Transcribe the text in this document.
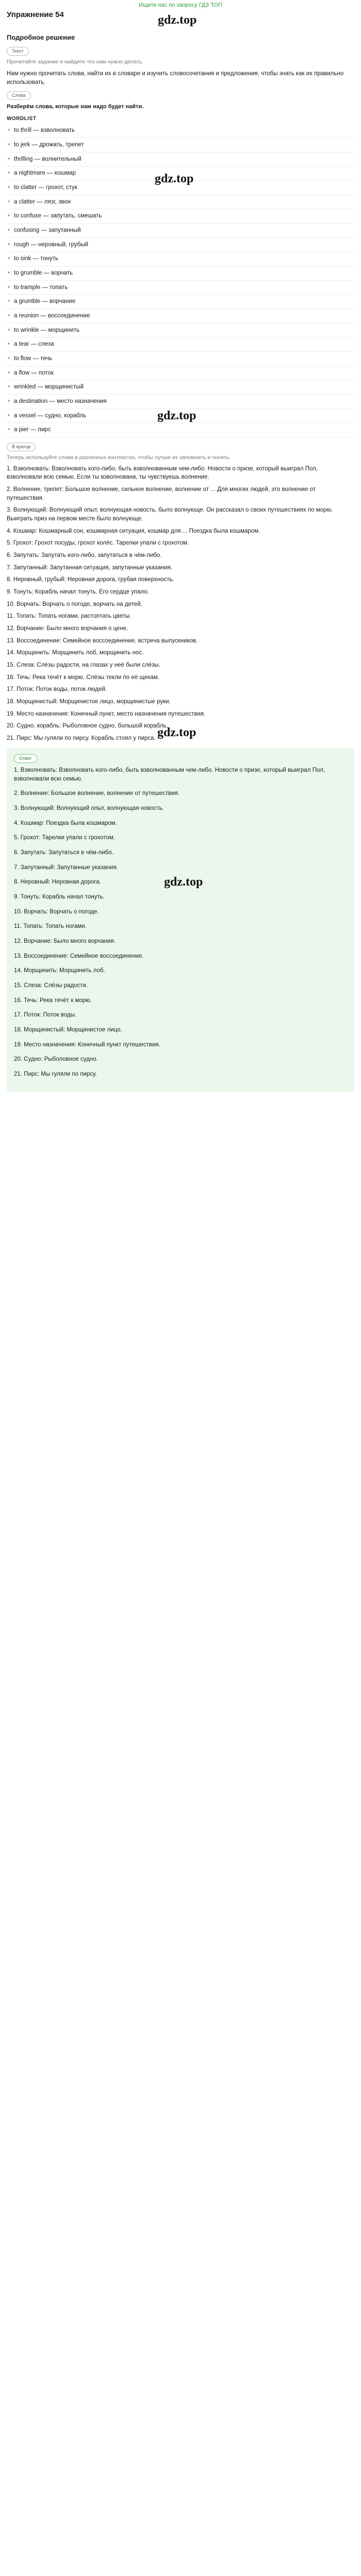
Ищите нас по запросу ГДЗ ТОП
Упражнение 54
Подробное решение
Текст
Прочитайте задание и найдите что нам нужно делать.
Нам нужно прочитать слова, найти их в словаре и изучить словосочетания и предложения, чтобы знать как их правильно использовать.
Слова
Разберём слова, которые нам надо будет найти.
WORDLIST
• to thrill — взволновать
• to jerk — дрожать, трепет
• thrilling — волнительный
• a nightmare — кошмар
• to clatter — грохот, стук
• a clatter — лязг, звон
• to confuse — запутать, смешать
• confusing — запутанный
• rough — неровный, грубый
• to sink — тонуть
• to grumble — ворчать
• to trample — топать
• a grumble — ворчание
• a reunion — воссоединение
• to wrinkle — морщинить
• a tear — слеза
• to flow — течь
• a flow — поток
• wrinkled — морщинистый
• a destination — место назначения
• a vessel — судно, корабль
• a pier — пирс
В кратце
Теперь используйте слова в различных контекстах, чтобы лучше их запомнить и понять.

1. Взволновать: Взволновать кого-либо, быть взволнованным чем-либо. Новости о призе, который выиграл Пол, взволновали всю семью. Если ты взволнована, ты чувствуешь волнение.

2. Волнение, трепет: Большое волнение, сильное волнение, волнение от ... Для многих людей, это волнение от путешествия.

3. Волнующий: Волнующий опыт, волнующая новость, было волнующе. Он рассказал о своих путешествиях по морю. Выиграть приз на первом месте было волнующе.

4. Кошмар: Кошмарный сон, кошмарная ситуация, кошмар для ... Поездка была кошмаром.

5. Грохот: Грохот посуды, грохот колёс. Тарелки упали с грохотом.

6. Запутать: Запутать кого-либо, запутаться в чём-либо.

7. Запутанный: Запутанная ситуация, запутанные указания.

8. Неровный, грубый: Неровная дорога, грубая поверхность.

9. Тонуть: Корабль начал тонуть. Его сердце упало.

10. Ворчать: Ворчать о погоде, ворчать на детей.

11. Топать: Топать ногами, растоптать цветы.

12. Ворчание: Было много ворчания о цене.

13. Воссоединение: Семейное воссоединение, встреча выпускников.

14. Морщинить: Морщинить лоб, морщинить нос.

15. Слеза: Слёзы радости, на глазах у неё были слёзы.

16. Течь: Река течёт к морю. Слёзы текли по её щекам.

17. Поток: Поток воды, поток людей.

18. Морщинистый: Морщинистое лицо, морщинистые руки.

19. Место назначения: Конечный пункт, место назначения путешествия.

20. Судно, корабль: Рыболовное судно, большой корабль.

21. Пирс: Мы гуляли по пирсу. Корабль стоял у пирса.

Ответ

1. Взволновать: Взволновать кого-либо, быть взволнованным чем-либо. Новости о призе, который выиграл Пол, взволновали всю семью.

2. Волнение: Большое волнение, волнение от путешествия.

3. Волнующий: Волнующий опыт, волнующая новость.

4. Кошмар: Поездка была кошмаром.

5. Грохот: Тарелки упали с грохотом.

6. Запутать: Запутаться в чём-либо.

7. Запутанный: Запутанные указания.

8. Неровный: Неровная дорога.

9. Тонуть: Корабль начал тонуть.

10. Ворчать: Ворчать о погоде.

11. Топать: Топать ногами.

12. Ворчание: Было много ворчания.

13. Воссоединение: Семейное воссоединение.

14. Морщинить: Морщинить лоб.

15. Слеза: Слёзы радости.

16. Течь: Река течёт к морю.

17. Поток: Поток воды.

18. Морщинистый: Морщинистое лицо.

19. Место назначения: Конечный пункт путешествия.

20. Судно: Рыболовное судно.

21. Пирс: Мы гуляли по пирсу.

gdz.top
gdz.top
gdz.top
gdz.top
gdz.top
